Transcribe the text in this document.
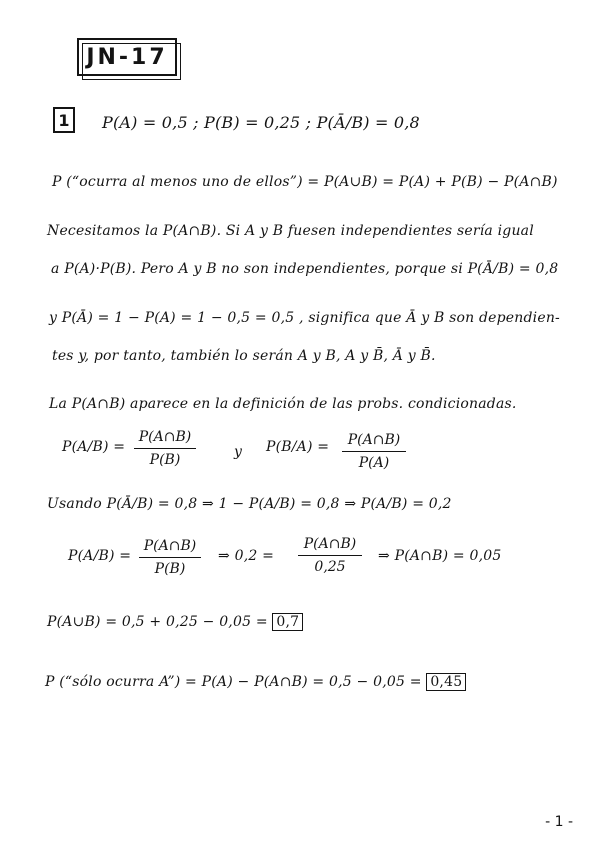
JN-17
1 P(A) = 0,5 ; P(B) = 0,25 ; P(Ā/B) = 0,8
P (“ocurra al menos uno de ellos”) = P(A∪B) = P(A) + P(B) − P(A∩B)
Necesitamos la P(A∩B). Si A y B fuesen independientes sería igual
a P(A)·P(B). Pero A y B no son independientes, porque si P(Ā/B) = 0,8
y P(Ā) = 1 − P(A) = 1 − 0,5 = 0,5 , significa que Ā y B son dependien-
tes y, por tanto, también lo serán A y B, A y B̄, Ā y B̄.
La P(A∩B) aparece en la definición de las probs. condicionadas.
P(A/B) =
P(A∩B)
P(B)	y P(B/A) =	P(A∩B)
P(A)
Usando P(Ā/B) = 0,8 ⇒ 1 − P(A/B) = 0,8 ⇒ P(A/B) = 0,2
P(A/B) =
P(A∩B)
P(B)
⇒ 0,2 =
P(A∩B)
0,25
⇒ P(A∩B) = 0,05
P(A∪B) = 0,5 + 0,25 − 0,05 = 0,7
P (“sólo ocurra A”) = P(A) − P(A∩B) = 0,5 − 0,05 = 0,45
- 1 -
